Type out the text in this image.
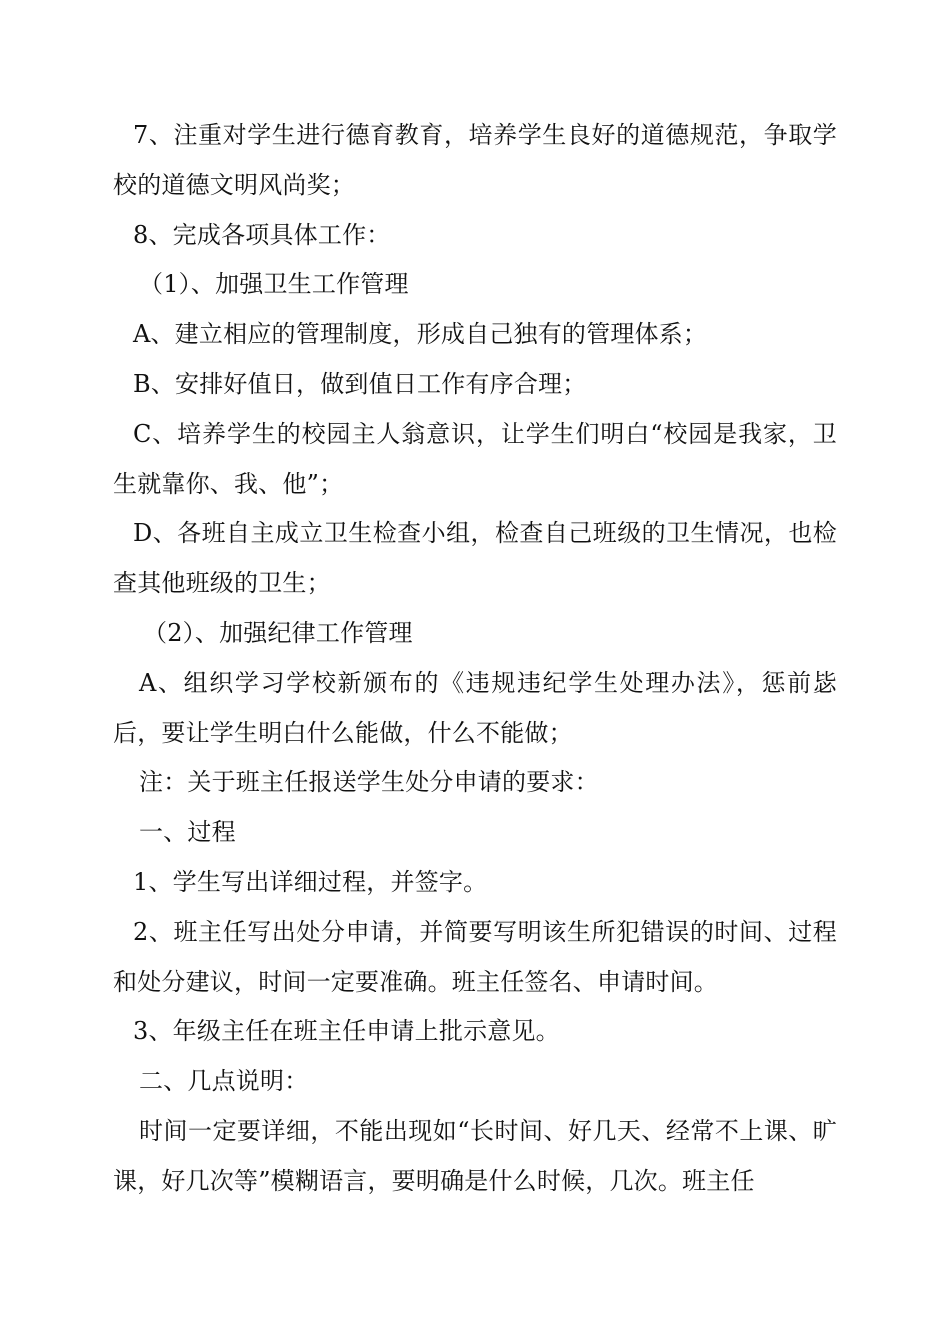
7、注重对学生进行德育教育，培养学生良好的道德规范，争取学校的道德文明风尚奖；

8、完成各项具体工作：

（1）、加强卫生工作管理

A、建立相应的管理制度，形成自己独有的管理体系；

B、安排好值日，做到值日工作有序合理；

C、培养学生的校园主人翁意识，让学生们明白“校园是我家，卫生就靠你、我、他”；

D、各班自主成立卫生检查小组，检查自己班级的卫生情况，也检查其他班级的卫生；

（2）、加强纪律工作管理

A、组织学习学校新颁布的《违规违纪学生处理办法》，惩前毖后，要让学生明白什么能做，什么不能做；

注：关于班主任报送学生处分申请的要求：

一、过程

1、学生写出详细过程，并签字。

2、班主任写出处分申请，并简要写明该生所犯错误的时间、过程和处分建议，时间一定要准确。班主任签名、申请时间。

3、年级主任在班主任申请上批示意见。

二、几点说明：

时间一定要详细，不能出现如“长时间、好几天、经常不上课、旷课，好几次等”模糊语言，要明确是什么时候，几次。班主任
